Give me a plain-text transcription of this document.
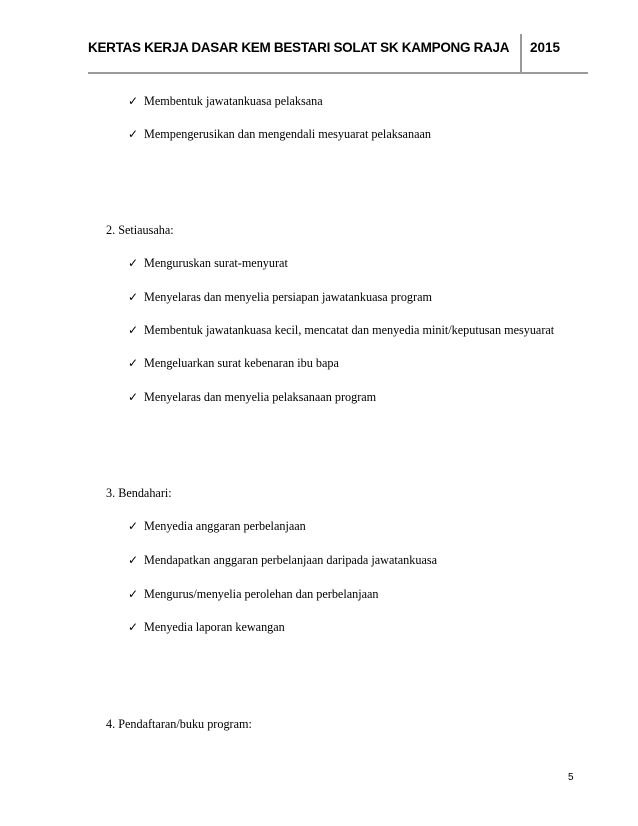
KERTAS KERJA DASAR KEM BESTARI SOLAT SK KAMPONG RAJA 2015
✓ Membentuk jawatankuasa pelaksana
✓ Mempengerusikan dan mengendali mesyuarat pelaksanaan
2. Setiausaha:
✓ Menguruskan surat-menyurat
✓ Menyelaras dan menyelia persiapan jawatankuasa program
✓ Membentuk jawatankuasa kecil, mencatat dan menyedia minit/keputusan mesyuarat
✓ Mengeluarkan surat kebenaran ibu bapa
✓ Menyelaras dan menyelia pelaksanaan program
3. Bendahari:
✓ Menyedia anggaran perbelanjaan
✓ Mendapatkan anggaran perbelanjaan daripada jawatankuasa
✓ Mengurus/menyelia perolehan dan perbelanjaan
✓ Menyedia laporan kewangan
4. Pendaftaran/buku program:
5
